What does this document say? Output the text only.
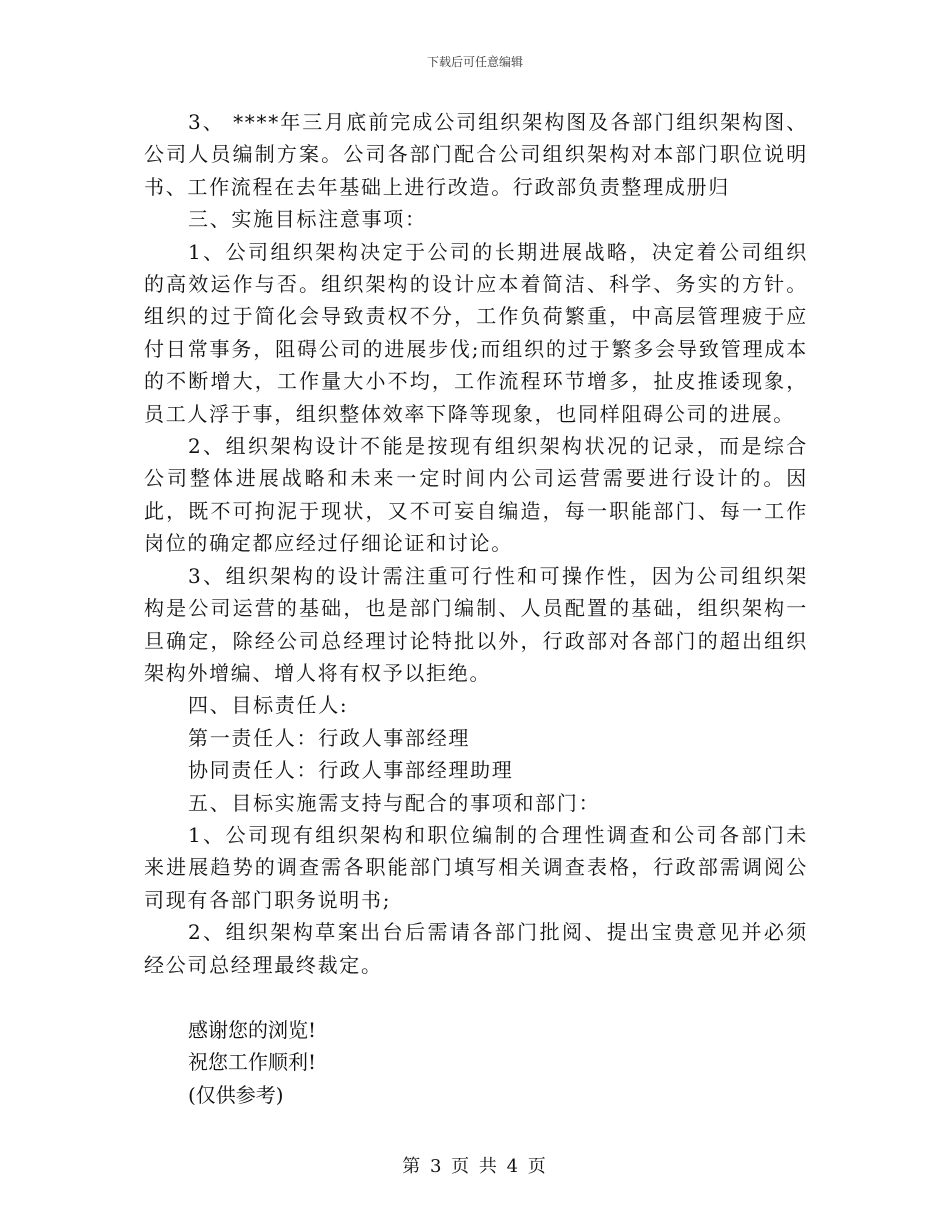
下载后可任意编辑

3、 ****年三月底前完成公司组织架构图及各部门组织架构图、公司人员编制方案。公司各部门配合公司组织架构对本部门职位说明书、工作流程在去年基础上进行改造。行政部负责整理成册归

三、实施目标注意事项：

1、公司组织架构决定于公司的长期进展战略，决定着公司组织的高效运作与否。组织架构的设计应本着简洁、科学、务实的方针。组织的过于简化会导致责权不分，工作负荷繁重，中高层管理疲于应付日常事务，阻碍公司的进展步伐;而组织的过于繁多会导致管理成本的不断增大，工作量大小不均，工作流程环节增多，扯皮推诿现象，员工人浮于事，组织整体效率下降等现象，也同样阻碍公司的进展。

2、组织架构设计不能是按现有组织架构状况的记录，而是综合公司整体进展战略和未来一定时间内公司运营需要进行设计的。因此，既不可拘泥于现状，又不可妄自编造，每一职能部门、每一工作岗位的确定都应经过仔细论证和讨论。

3、组织架构的设计需注重可行性和可操作性，因为公司组织架构是公司运营的基础，也是部门编制、人员配置的基础，组织架构一旦确定，除经公司总经理讨论特批以外，行政部对各部门的超出组织架构外增编、增人将有权予以拒绝。

四、目标责任人:

第一责任人：行政人事部经理

协同责任人：行政人事部经理助理

五、目标实施需支持与配合的事项和部门：

1、公司现有组织架构和职位编制的合理性调查和公司各部门未来进展趋势的调查需各职能部门填写相关调查表格，行政部需调阅公司现有各部门职务说明书;

2、组织架构草案出台后需请各部门批阅、提出宝贵意见并必须经公司总经理最终裁定。

感谢您的浏览!
祝您工作顺利!
(仅供参考)
第 3 页 共 4 页
